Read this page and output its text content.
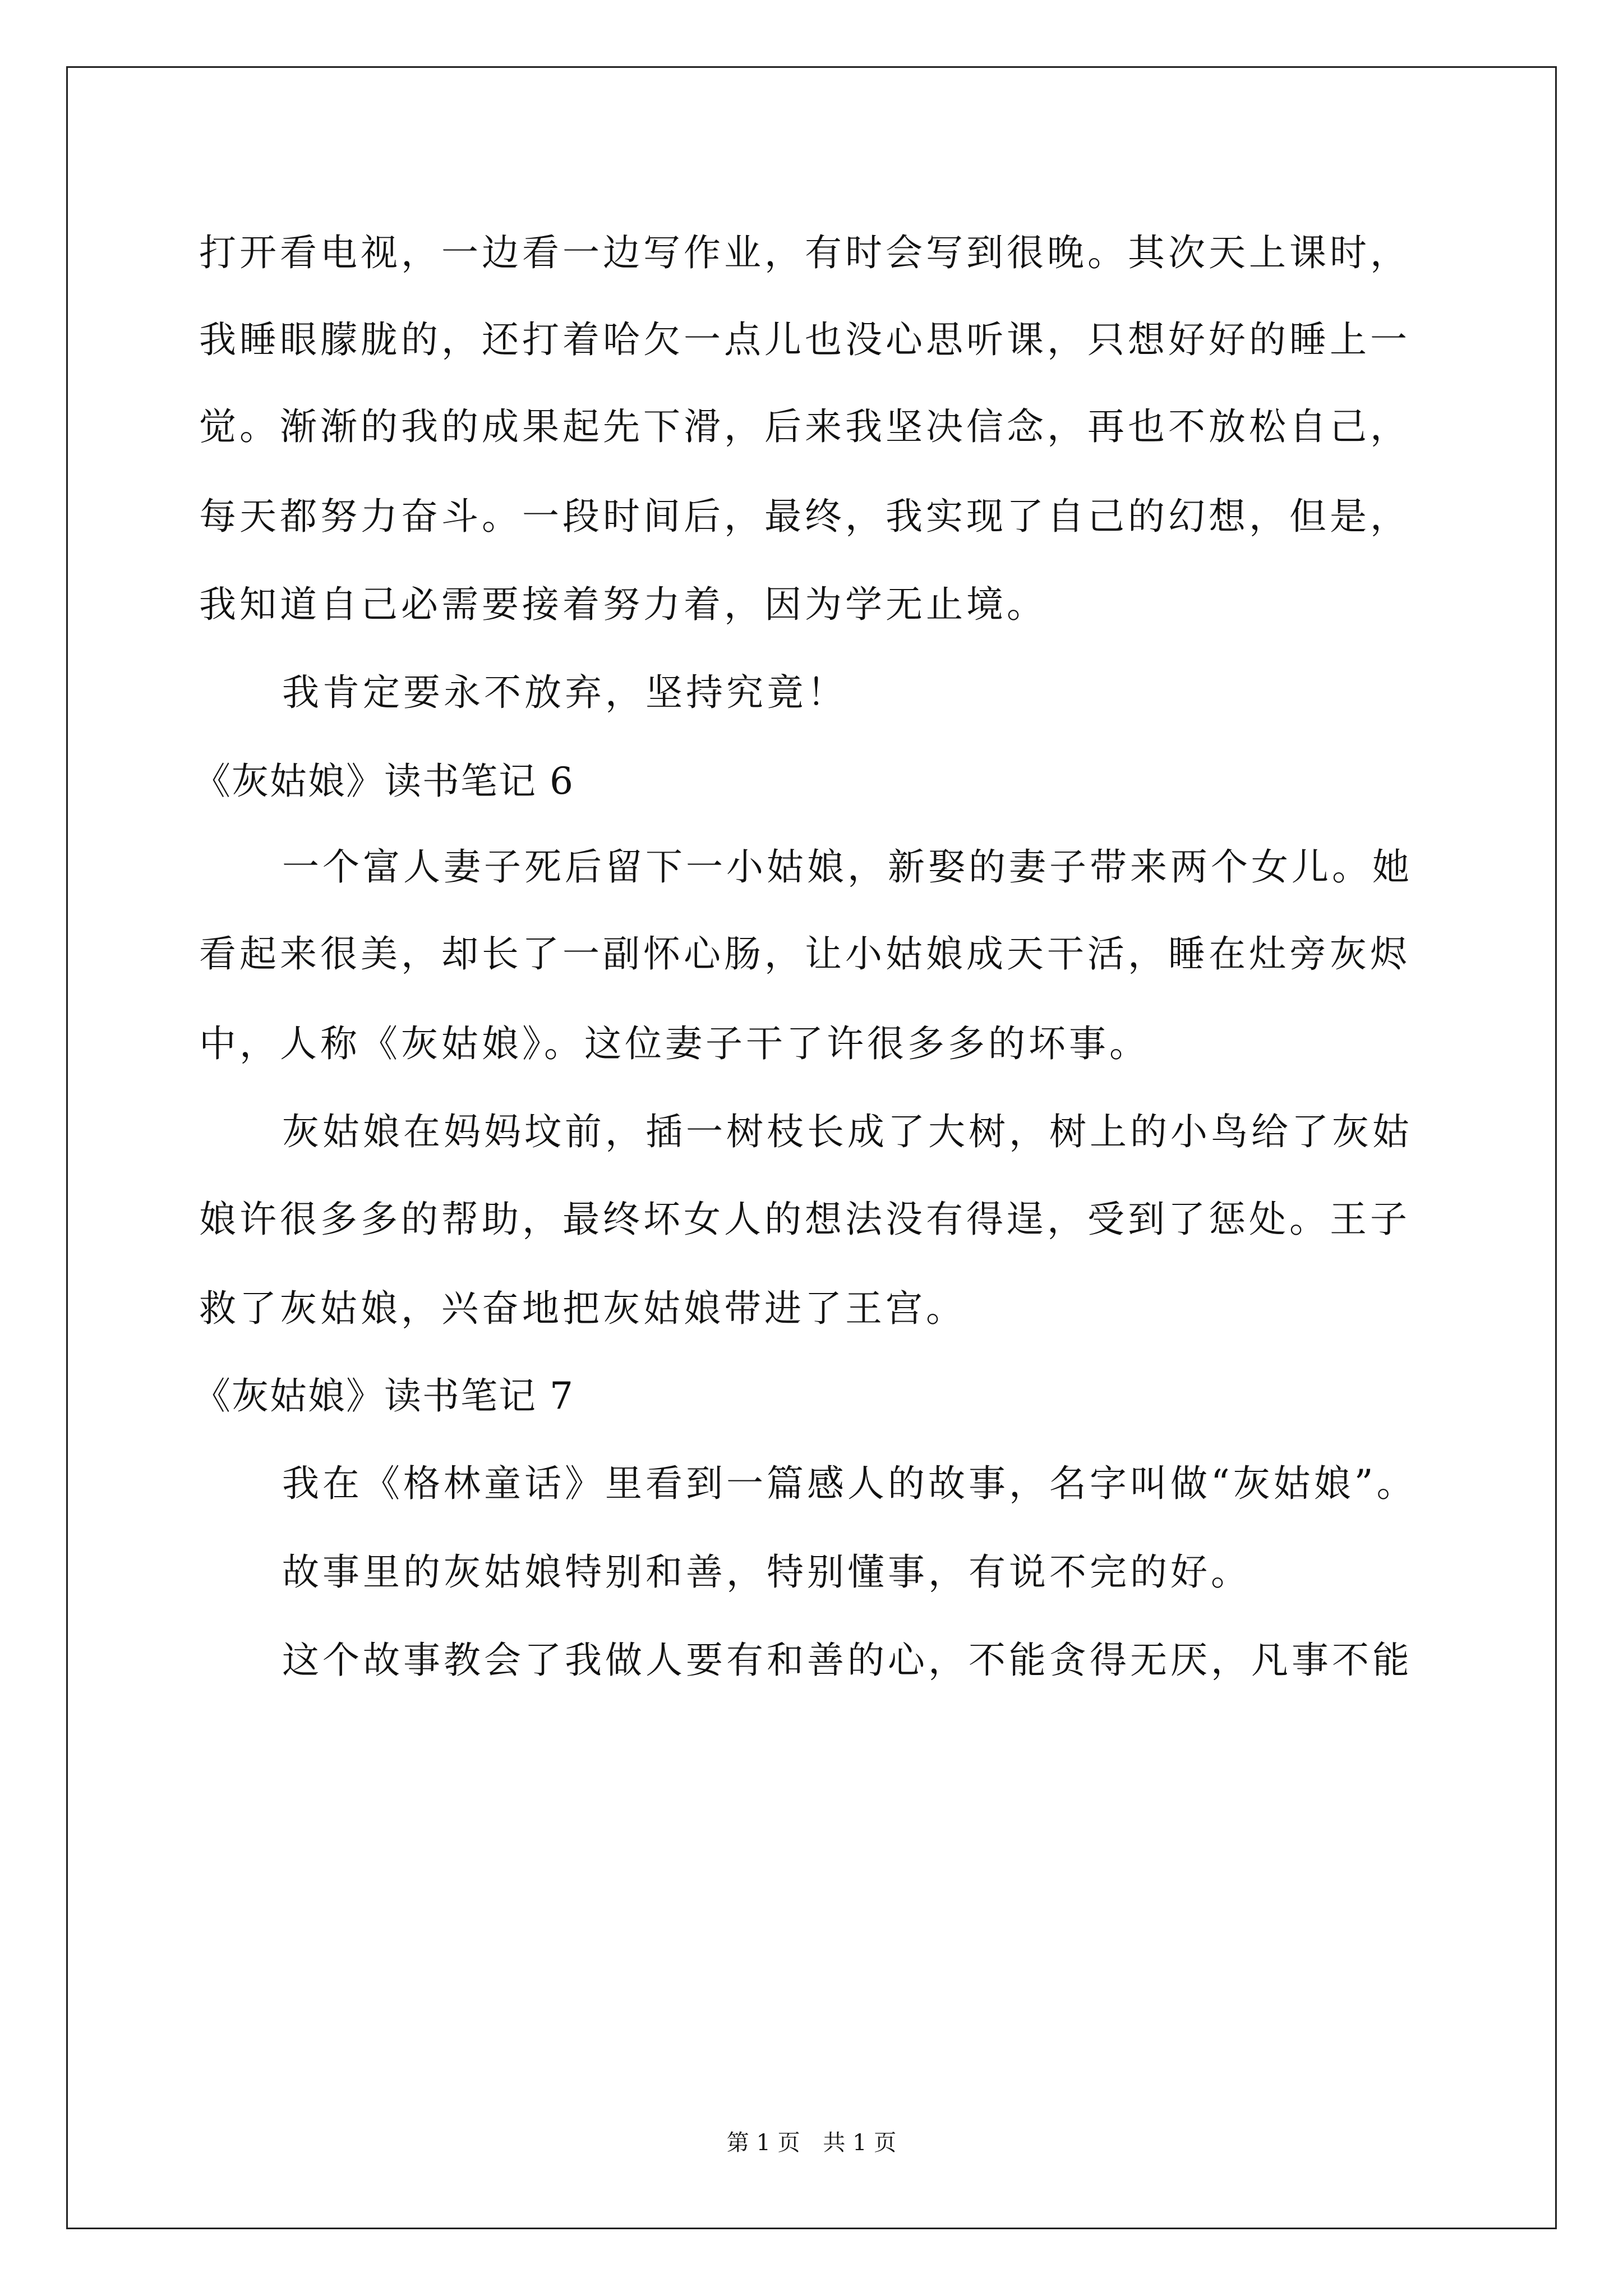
打开看电视，一边看一边写作业，有时会写到很晚。其次天上课时，
我睡眼朦胧的，还打着哈欠一点儿也没心思听课，只想好好的睡上一
觉。渐渐的我的成果起先下滑，后来我坚决信念，再也不放松自己，
每天都努力奋斗。一段时间后，最终，我实现了自己的幻想，但是，
我知道自己必需要接着努力着，因为学无止境。
我肯定要永不放弃，坚持究竟！
《灰姑娘》读书笔记 6
一个富人妻子死后留下一小姑娘，新娶的妻子带来两个女儿。她
看起来很美，却长了一副怀心肠，让小姑娘成天干活，睡在灶旁灰烬
中，人称《灰姑娘》。这位妻子干了许很多多的坏事。
灰姑娘在妈妈坟前，插一树枝长成了大树，树上的小鸟给了灰姑
娘许很多多的帮助，最终坏女人的想法没有得逞，受到了惩处。王子
救了灰姑娘，兴奋地把灰姑娘带进了王宫。
《灰姑娘》读书笔记 7
我在《格林童话》里看到一篇感人的故事，名字叫做“灰姑娘”。
故事里的灰姑娘特别和善，特别懂事，有说不完的好。
这个故事教会了我做人要有和善的心，不能贪得无厌，凡事不能
第 1 页 共 1 页
